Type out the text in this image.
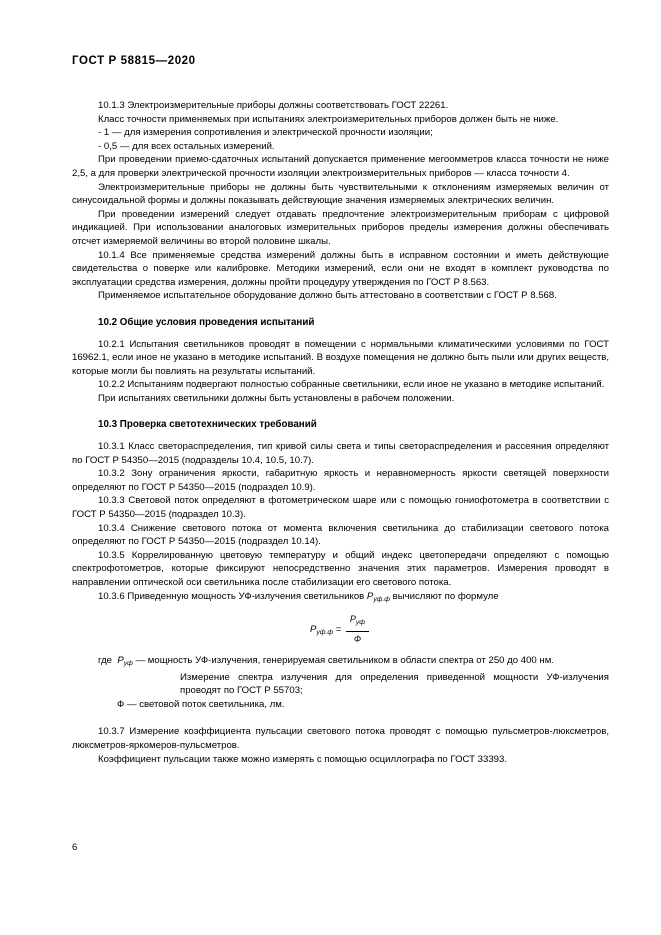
ГОСТ Р 58815—2020

10.1.3 Электроизмерительные приборы должны соответствовать ГОСТ 22261.

Класс точности применяемых при испытаниях электроизмерительных приборов должен быть не ниже.

- 1 — для измерения сопротивления и электрической прочности изоляции;

- 0,5 — для всех остальных измерений.

При проведении приемо-сдаточных испытаний допускается применение мегоомметров класса точности не ниже 2,5, а для проверки электрической прочности изоляции электроизмерительных приборов — класса точности 4.

Электроизмерительные приборы не должны быть чувствительными к отклонениям измеряемых величин от синусоидальной формы и должны показывать действующие значения измеряемых электрических величин.

При проведении измерений следует отдавать предпочтение электроизмерительным приборам с цифровой индикацией. При использовании аналоговых измерительных приборов пределы измерения должны обеспечивать отсчет измеряемой величины во второй половине шкалы.

10.1.4 Все применяемые средства измерений должны быть в исправном состоянии и иметь действующие свидетельства о поверке или калибровке. Методики измерений, если они не входят в комплект руководства по эксплуатации средства измерения, должны пройти процедуру утверждения по ГОСТ Р 8.563.

Применяемое испытательное оборудование должно быть аттестовано в соответствии с ГОСТ Р 8.568.

10.2 Общие условия проведения испытаний

10.2.1 Испытания светильников проводят в помещении с нормальными климатическими условиями по ГОСТ 16962.1, если иное не указано в методике испытаний. В воздухе помещения не должно быть пыли или других веществ, которые могли бы повлиять на результаты испытаний.

10.2.2 Испытаниям подвергают полностью собранные светильники, если иное не указано в методике испытаний.

При испытаниях светильники должны быть установлены в рабочем положении.

10.3 Проверка светотехнических требований

10.3.1 Класс светораспределения, тип кривой силы света и типы светораспределения и рассеяния определяют по ГОСТ Р 54350—2015 (подразделы 10.4, 10.5, 10.7).

10.3.2 Зону ограничения яркости, габаритную яркость и неравномерность яркости светящей поверхности определяют по ГОСТ Р 54350—2015 (подраздел 10.9).

10.3.3 Световой поток определяют в фотометрическом шаре или с помощью гониофотометра в соответствии с ГОСТ Р 54350—2015 (подраздел 10.3).

10.3.4 Снижение светового потока от момента включения светильника до стабилизации светового потока определяют по ГОСТ Р 54350—2015 (подраздел 10.14).

10.3.5 Коррелированную цветовую температуру и общий индекс цветопередачи определяют с помощью спектрофотометров, которые фиксируют непосредственно значения этих параметров. Измерения проводят в направлении оптической оси светильника после стабилизации его светового потока.

10.3.6 Приведенную мощность УФ-излучения светильников $Р_{уф.ф}$ вычисляют по формуле

$Р_{уф.ф} = \frac{Р_{уф}}{Ф}$
где $Р_{уф}$ — мощность УФ-излучения, генерируемая светильником в области спектра от 250 до 400 нм.
Измерение спектра излучения для определения приведенной мощности УФ-излучения проводят по ГОСТ Р 55703;
Ф — световой поток светильника, лм.

10.3.7 Измерение коэффициента пульсации светового потока проводят с помощью пульсметров-люксметров, люксметров-яркомеров-пульсметров.

Коэффициент пульсации также можно измерять с помощью осциллографа по ГОСТ 33393.

6
